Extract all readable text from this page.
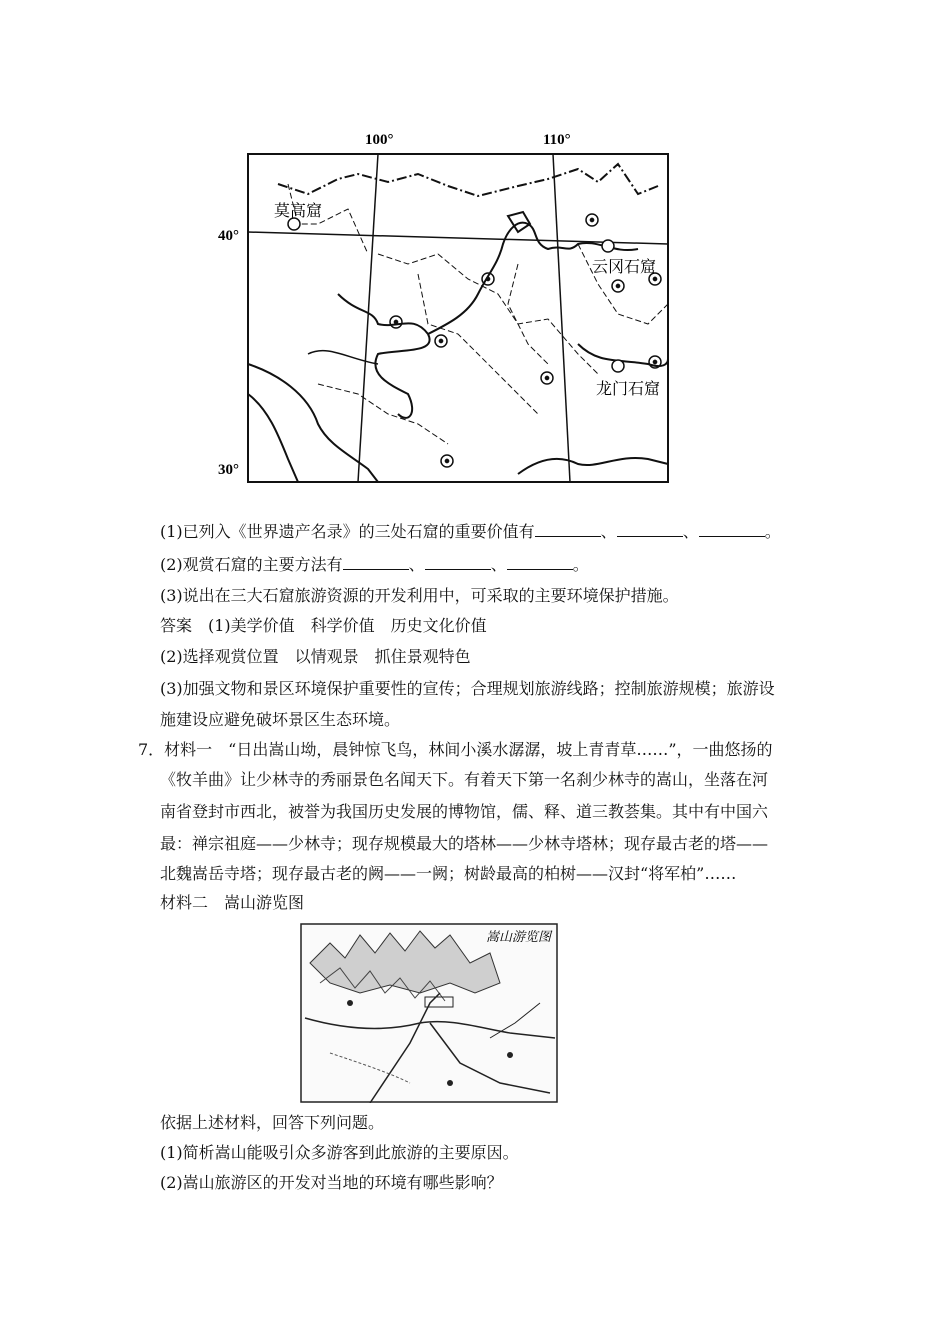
100°	110°
40°
30°
莫高窟
云冈石窟
龙门石窟
(1)已列入《世界遗产名录》的三处石窟的重要价值有	、	、	。
(2)观赏石窟的主要方法有	、	、	。
(3)说出在三大石窟旅游资源的开发利用中，可采取的主要环境保护措施。
答案　(1)美学价值　科学价值　历史文化价值
(2)选择观赏位置　以情观景　抓住景观特色
(3)加强文物和景区环境保护重要性的宣传；合理规划旅游线路；控制旅游规模；旅游设
施建设应避免破坏景区生态环境。
7．材料一　“日出嵩山坳，晨钟惊飞鸟，林间小溪水潺潺，坡上青青草……”，一曲悠扬的
《牧羊曲》让少林寺的秀丽景色名闻天下。有着天下第一名刹少林寺的嵩山，坐落在河
南省登封市西北，被誉为我国历史发展的博物馆，儒、释、道三教荟集。其中有中国六
最：禅宗祖庭——少林寺；现存规模最大的塔林——少林寺塔林；现存最古老的塔——
北魏嵩岳寺塔；现存最古老的阙——一阙；树龄最高的柏树——汉封“将军柏”……
材料二　嵩山游览图
嵩山游览图
依据上述材料，回答下列问题。
(1)简析嵩山能吸引众多游客到此旅游的主要原因。
(2)嵩山旅游区的开发对当地的环境有哪些影响？
